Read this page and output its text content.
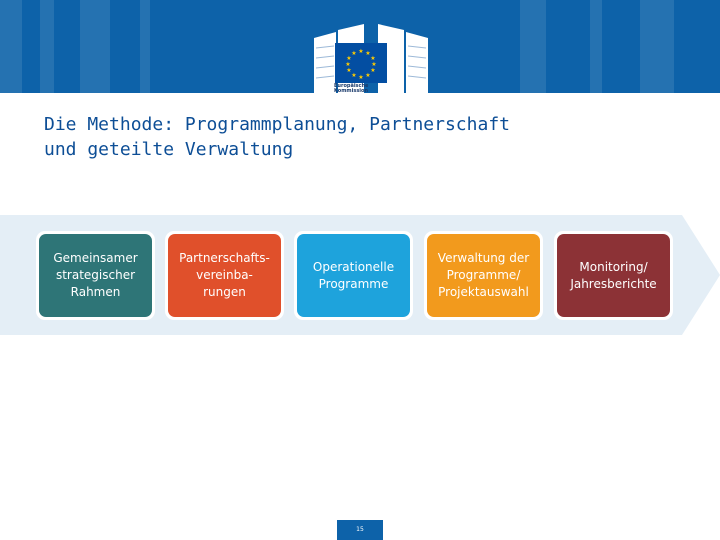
★ ★
★
★
★
★
★
★
★
★
★
★
Europäische
Kommission
Die Methode: Programmplanung, Partnerschaft
und geteilte Verwaltung
Gemeinsamer
strategischer
Rahmen
Partnerschafts-
vereinba-
rungen
Operationelle
Programme
Verwaltung der
Programme/
Projektauswahl
Monitoring/
Jahresberichte
15
